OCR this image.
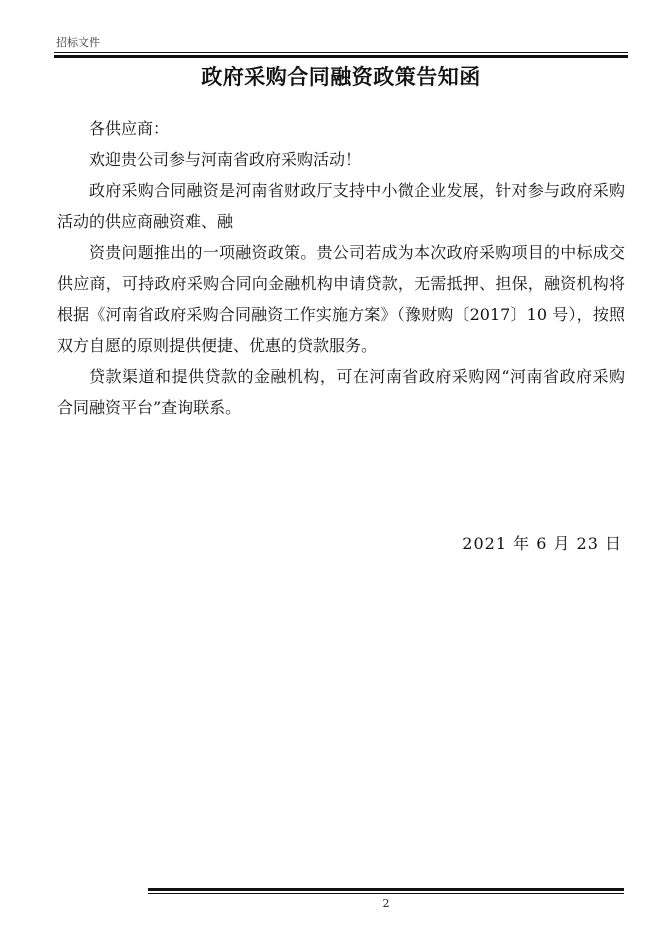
招标文件
政府采购合同融资政策告知函

各供应商：

欢迎贵公司参与河南省政府采购活动！

政府采购合同融资是河南省财政厅支持中小微企业发展，针对参与政府采购活动的供应商融资难、融

资贵问题推出的一项融资政策。贵公司若成为本次政府采购项目的中标成交供应商，可持政府采购合同向金融机构申请贷款，无需抵押、担保，融资机构将根据《河南省政府采购合同融资工作实施方案》（豫财购〔2017〕10 号），按照双方自愿的原则提供便捷、优惠的贷款服务。

贷款渠道和提供贷款的金融机构，可在河南省政府采购网“河南省政府采购合同融资平台”查询联系。

2021 年 6 月 23 日
2
